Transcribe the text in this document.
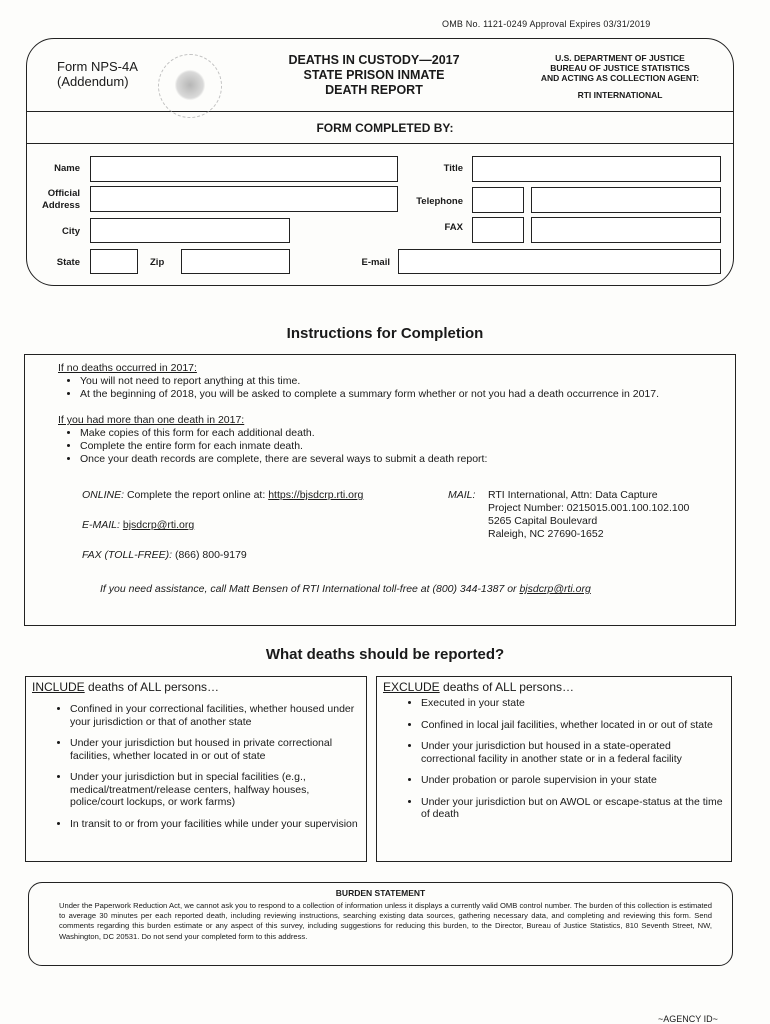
OMB No. 1121-0249 Approval Expires 03/31/2019
Form NPS-4A
(Addendum)
DEATHS IN CUSTODY—2017
STATE PRISON INMATE
DEATH REPORT
U.S. DEPARTMENT OF JUSTICE
BUREAU OF JUSTICE STATISTICS
AND ACTING AS COLLECTION AGENT:
RTI INTERNATIONAL
FORM COMPLETED BY:
Name
Official
Address
City
State	Zip
Title
Telephone
FAX
E-mail
Instructions for Completion
If no deaths occurred in 2017:
• You will not need to report anything at this time.
• At the beginning of 2018, you will be asked to complete a summary form whether or not you had a death occurrence in 2017.
If you had more than one death in 2017:
• Make copies of this form for each additional death.
• Complete the entire form for each inmate death.
• Once your death records are complete, there are several ways to submit a death report:
ONLINE: Complete the report online at: https://bjsdcrp.rti.org
E-MAIL: bjsdcrp@rti.org
FAX (TOLL-FREE): (866) 800-9179
MAIL:	RTI International, Attn: Data Capture
Project Number: 0215015.001.100.102.100
5265 Capital Boulevard
Raleigh, NC 27690-1652
If you need assistance, call Matt Bensen of RTI International toll-free at (800) 344-1387 or bjsdcrp@rti.org
What deaths should be reported?
INCLUDE deaths of ALL persons…
• Confined in your correctional facilities, whether housed under your jurisdiction or that of another state
• Under your jurisdiction but housed in private correctional facilities, whether located in or out of state
• Under your jurisdiction but in special facilities (e.g., medical/treatment/release centers, halfway houses, police/court lockups, or work farms)
• In transit to or from your facilities while under your supervision
EXCLUDE deaths of ALL persons…
• Executed in your state
• Confined in local jail facilities, whether located in or out of state
• Under your jurisdiction but housed in a state-operated correctional facility in another state or in a federal facility
• Under probation or parole supervision in your state
• Under your jurisdiction but on AWOL or escape-status at the time of death
BURDEN STATEMENT
Under the Paperwork Reduction Act, we cannot ask you to respond to a collection of information unless it displays a currently valid OMB control number. The burden of this collection is estimated to average 30 minutes per each reported death, including reviewing instructions, searching existing data sources, gathering necessary data, and completing and reviewing this form. Send comments regarding this burden estimate or any aspect of this survey, including suggestions for reducing this burden, to the Director, Bureau of Justice Statistics, 810 Seventh Street, NW, Washington, DC 20531. Do not send your completed form to this address.
~AGENCY ID~
